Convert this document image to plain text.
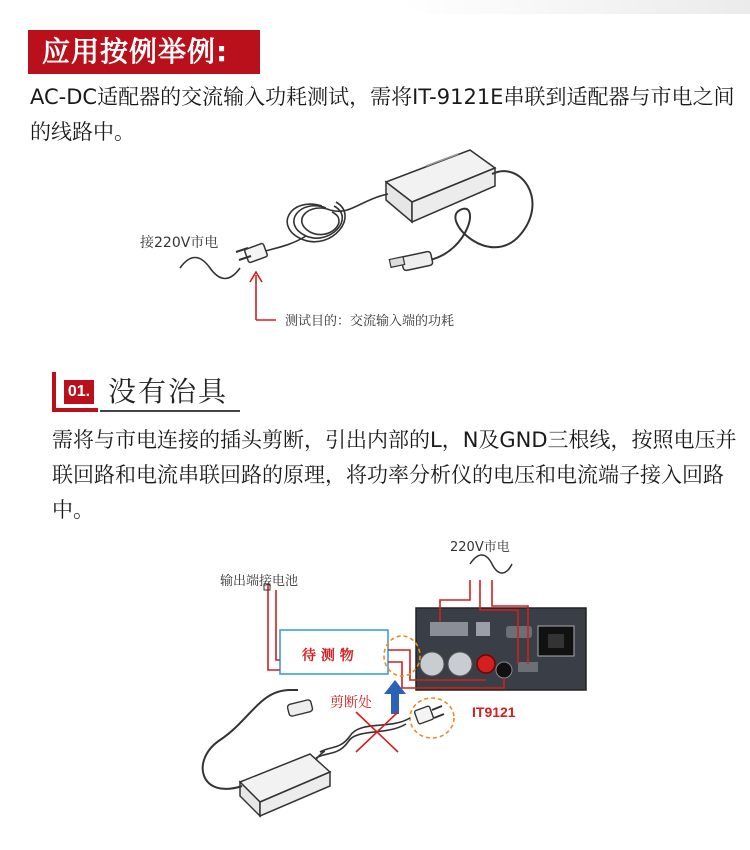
应用按例举例:
AC-DC适配器的交流输入功耗测试，需将IT-9121E串联到适配器与市电之间的线路中。
接220V市电
测试目的：交流输入端的功耗
01. 没有治具
需将与市电连接的插头剪断，引出内部的L，N及GND三根线，按照电压并联回路和电流串联回路的原理，将功率分析仪的电压和电流端子接入回路中。
220V市电
输出端接电池
待 测 物
剪断处
IT9121
